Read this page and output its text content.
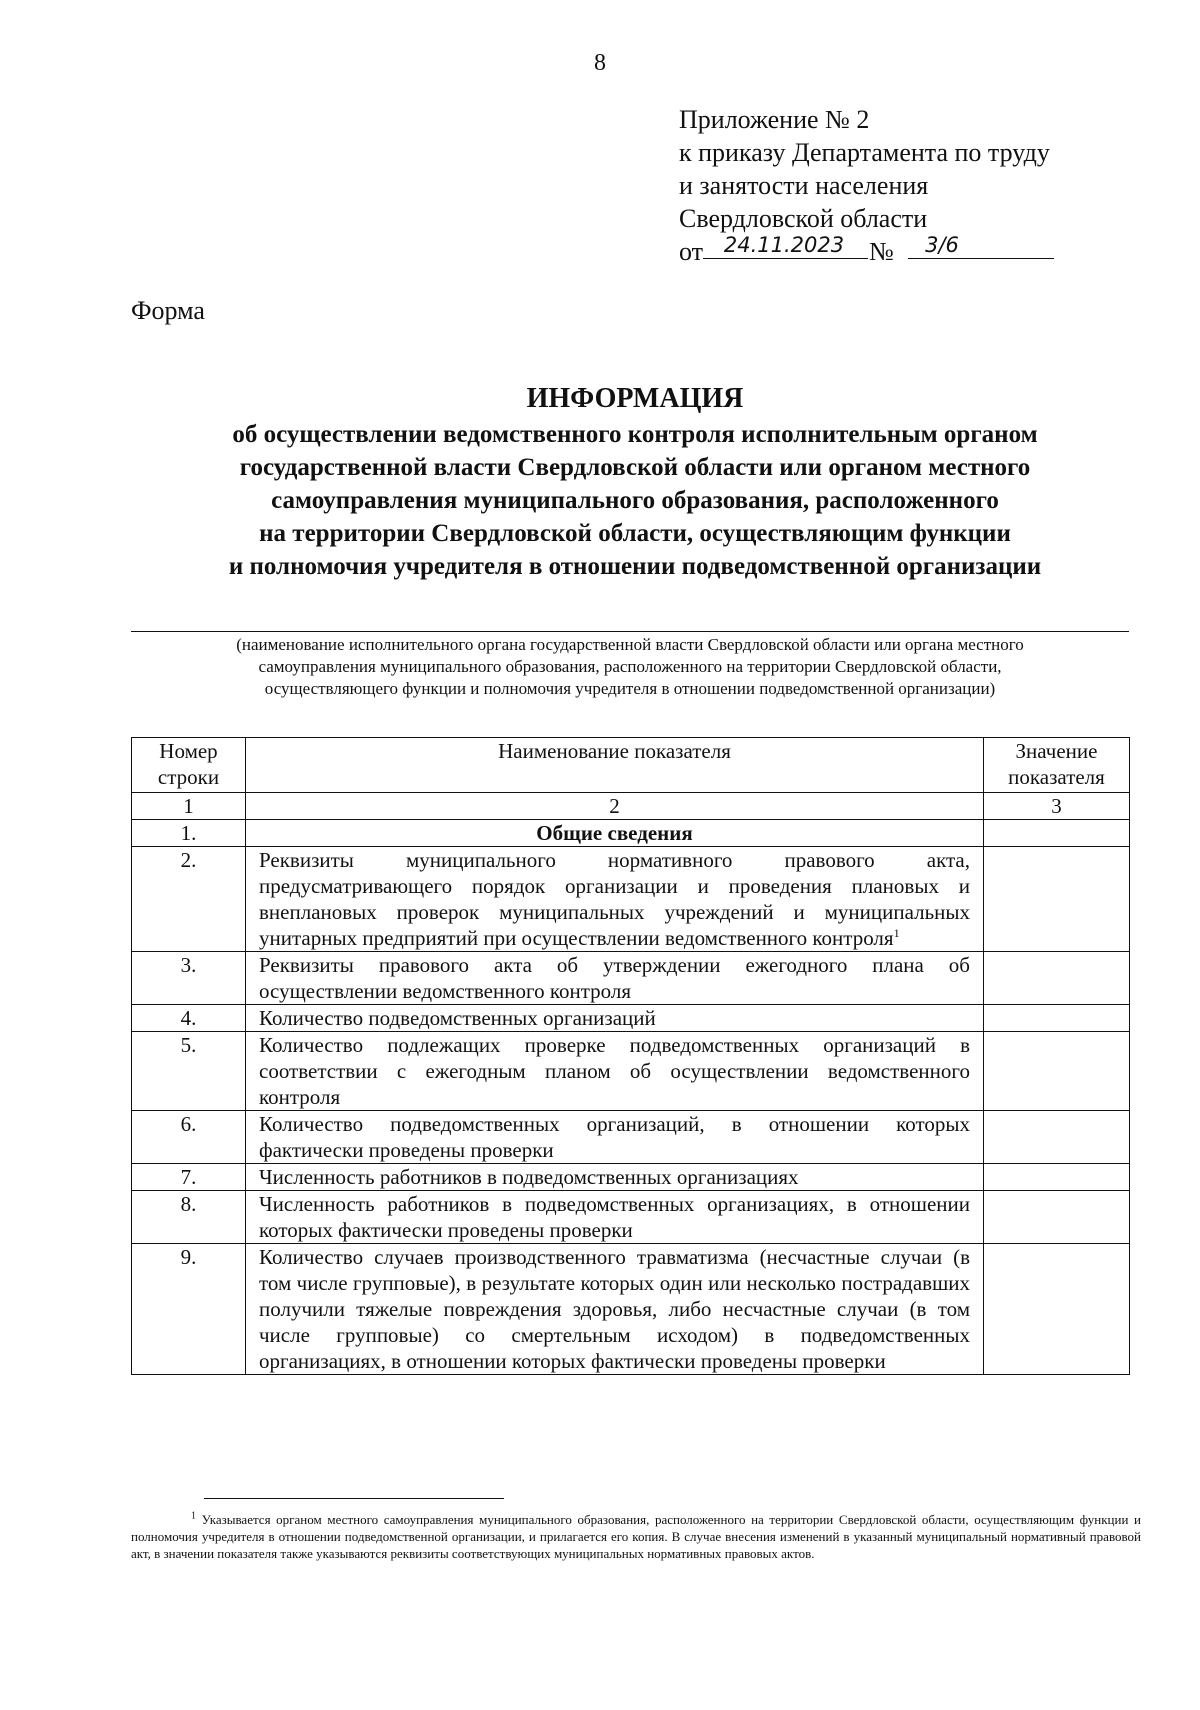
8
Приложение № 2
к приказу Департамента по труду
и занятости населения
Свердловской области
от	№
24.11.2023	3/6
Форма
ИНФОРМАЦИЯ
об осуществлении ведомственного контроля исполнительным органом
государственной власти Свердловской области или органом местного
самоуправления муниципального образования, расположенного
на территории Свердловской области, осуществляющим функции
и полномочия учредителя в отношении подведомственной организации
(наименование исполнительного органа государственной власти Свердловской области или органа местного
самоуправления муниципального образования, расположенного на территории Свердловской области,
осуществляющего функции и полномочия учредителя в отношении подведомственной организации)
Номер строки	Наименование показателя	Значение показателя
1	2	3
1.	Общие сведения	
2.	Реквизиты муниципального нормативного правового акта, предусматривающего порядок организации и проведения плановых и внеплановых проверок муниципальных учреждений и муниципальных унитарных предприятий при осуществлении ведомственного контроля$^1$	
3.	Реквизиты правового акта об утверждении ежегодного плана об осуществлении ведомственного контроля	
4.	Количество подведомственных организаций	
5.	Количество подлежащих проверке подведомственных организаций в соответствии с ежегодным планом об осуществлении ведомственного контроля	
6.	Количество подведомственных организаций, в отношении которых фактически проведены проверки	
7.	Численность работников в подведомственных организациях	
8.	Численность работников в подведомственных организациях, в отношении которых фактически проведены проверки	
9.	Количество случаев производственного травматизма (несчастные случаи (в том числе групповые), в результате которых один или несколько пострадавших получили тяжелые повреждения здоровья, либо несчастные случаи (в том числе групповые) со смертельным исходом) в подведомственных организациях, в отношении которых фактически проведены проверки	
$^1$ Указывается органом местного самоуправления муниципального образования, расположенного на территории Свердловской области, осуществляющим функции и полномочия учредителя в отношении подведомственной организации, и прилагается его копия. В случае внесения изменений в указанный муниципальный нормативный правовой акт, в значении показателя также указываются реквизиты соответствующих муниципальных нормативных правовых актов.
